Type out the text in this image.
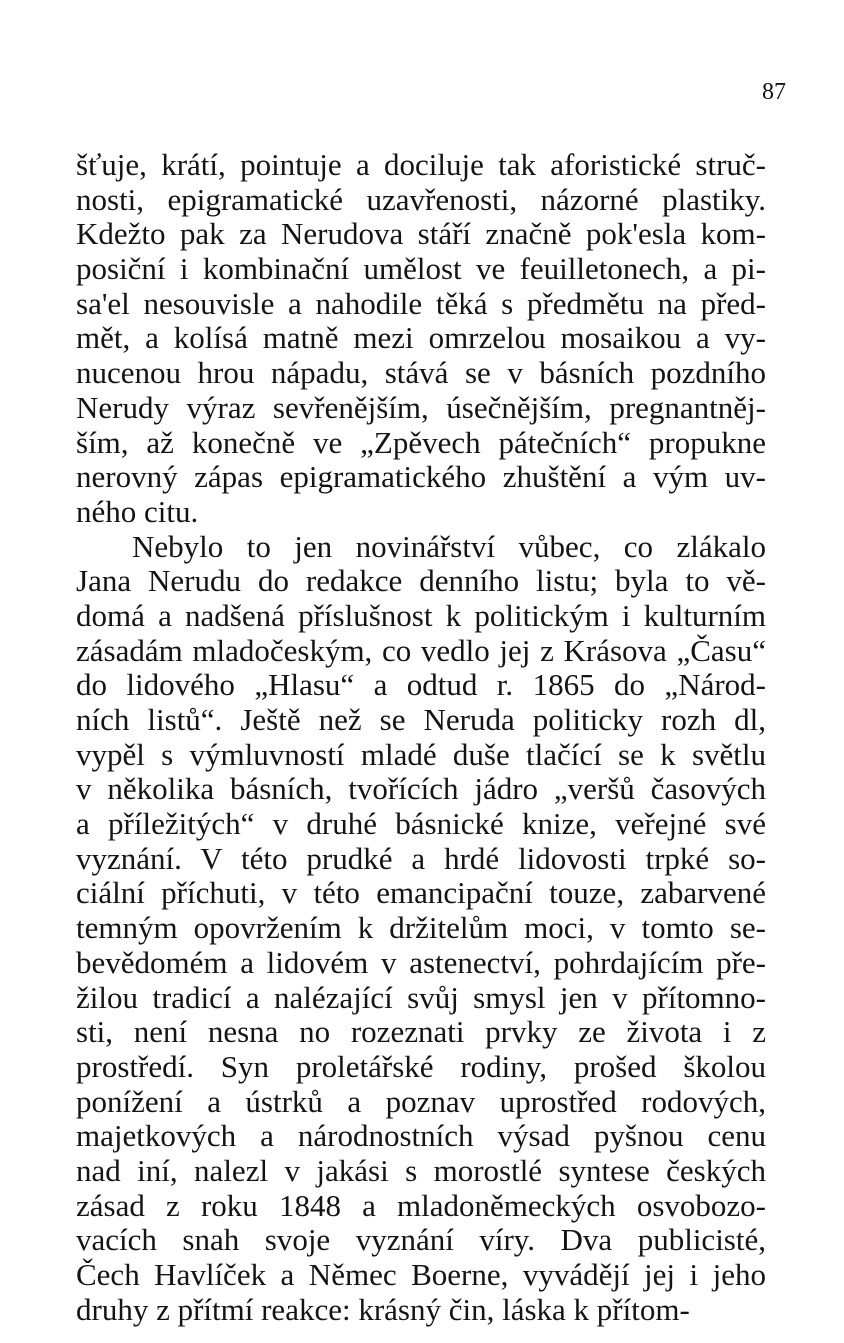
87
šťuje, krátí, pointuje a dociluje tak aforistické struč-
nosti, epigramatické uzavřenosti, názorné plastiky.
Kdežto pak za Nerudova stáří značně pok'esla kom-
posiční i kombinační umělost ve feuilletonech, a pi-
sa'el nesouvisle a nahodile těká s předmětu na před-
mět, a kolísá matně mezi omrzelou mosaikou a vy-
nucenou hrou nápadu, stává se v básních pozdního
Nerudy výraz sevřenějším, úsečnějším, pregnantněj-
ším, až konečně ve „Zpěvech pátečních“ propukne
nerovný zápas epigramatického zhuštění a vým uv-
ného citu.
Nebylo to jen novinářství vůbec, co zlákalo
Jana Nerudu do redakce denního listu; byla to vě-
domá a nadšená příslušnost k politickým i kulturním
zásadám mladočeským, co vedlo jej z Krásova „Času“
do lidového „Hlasu“ a odtud r. 1865 do „Národ-
ních listů“. Ještě než se Neruda politicky rozh dl,
vypěl s výmluvností mladé duše tlačící se k světlu
v několika básních, tvořících jádro „veršů časových
a příležitých“ v druhé básnické knize, veřejné své
vyznání. V této prudké a hrdé lidovosti trpké so-
ciální příchuti, v této emancipační touze, zabarvené
temným opovržením k držitelům moci, v tomto se-
bevědomém a lidovém v astenectví, pohrdajícím pře-
žilou tradicí a nalézající svůj smysl jen v přítomno-
sti, není nesna no rozeznati prvky ze života i z
prostředí. Syn proletářské rodiny, prošed školou
ponížení a ústrků a poznav uprostřed rodových,
majetkových a národnostních výsad pyšnou cenu
nad iní, nalezl v jakási s morostlé syntese českých
zásad z roku 1848 a mladoněmeckých osvobozo-
vacích snah svoje vyznání víry. Dva publicisté,
Čech Havlíček a Němec Boerne, vyvádějí jej i jeho
druhy z přítmí reakce: krásný čin, láska k přítom-
